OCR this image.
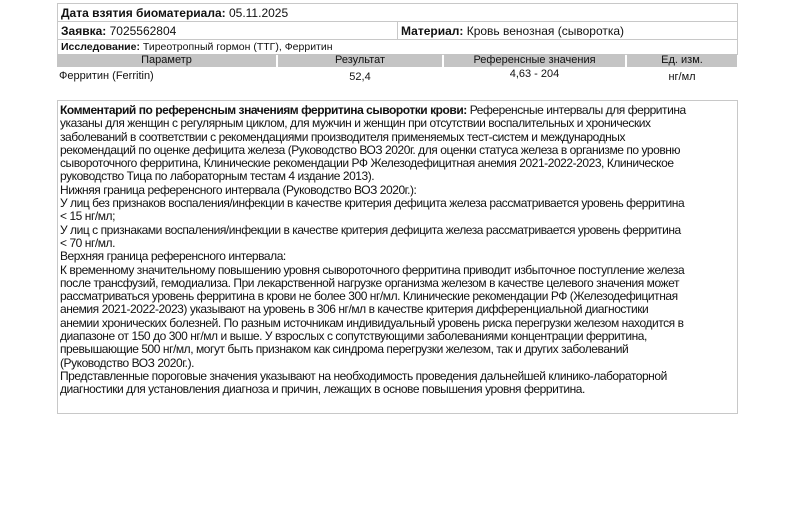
Дата взятия биоматериала: 05.11.2025
Заявка: 7025562804	Материал: Кровь венозная (сыворотка)
Исследование: Тиреотропный гормон (ТТГ), Ферритин
Параметр	Результат	Референсные значения	Ед. изм.
Ферритин (Ferritin)	52,4	4,63 - 204	нг/мл
Комментарий по референсным значениям ферритина сыворотки крови: Референсные интервалы для ферритина
указаны для женщин с регулярным циклом, для мужчин и женщин при отсутствии воспалительных и хронических
заболеваний в соответствии с рекомендациями производителя применяемых тест-систем и международных
рекомендаций по оценке дефицита железа (Руководство ВОЗ 2020г. для оценки статуса железа в организме по уровню
сывороточного ферритина, Клинические рекомендации РФ Железодефицитная анемия 2021-2022-2023, Клиническое
руководство Тица по лабораторным тестам 4 издание 2013).
Нижняя граница референсного интервала (Руководство ВОЗ 2020г.):
У лиц без признаков воспаления/инфекции в качестве критерия дефицита железа рассматривается уровень ферритина
< 15 нг/мл;
У лиц с признаками воспаления/инфекции в качестве критерия дефицита железа рассматривается уровень ферритина
< 70 нг/мл.
Верхняя граница референсного интервала:
К временному значительному повышению уровня сывороточного ферритина приводит избыточное поступление железа
после трансфузий, гемодиализа. При лекарственной нагрузке организма железом в качестве целевого значения может
рассматриваться уровень ферритина в крови не более 300 нг/мл. Клинические рекомендации РФ (Железодефицитная
анемия 2021-2022-2023) указывают на уровень в 306 нг/мл в качестве критерия дифференциальной диагностики
анемии хронических болезней. По разным источникам индивидуальный уровень риска перегрузки железом находится в
диапазоне от 150 до 300 нг/мл и выше. У взрослых с сопутствующими заболеваниями концентрации ферритина,
превышающие 500 нг/мл, могут быть признаком как синдрома перегрузки железом, так и других заболеваний
(Руководство ВОЗ 2020г.).
Представленные пороговые значения указывают на необходимость проведения дальнейшей клинико-лабораторной
диагностики для установления диагноза и причин, лежащих в основе повышения уровня ферритина.
